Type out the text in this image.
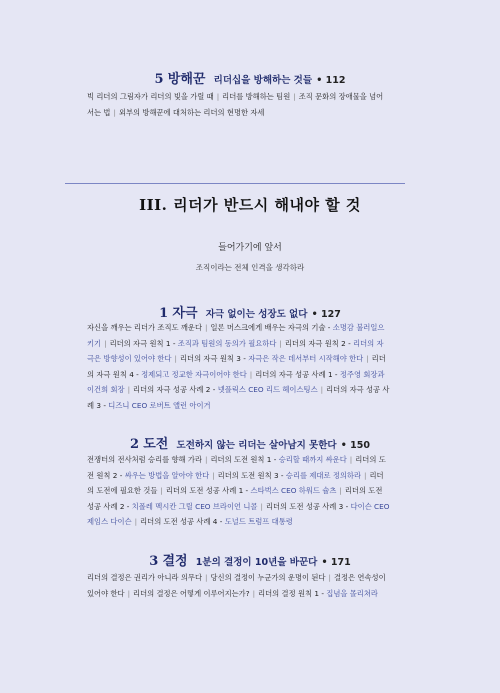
5 방해꾼 리더십을 방해하는 것들 • 112
빅 리더의 그림자가 리더의 빛을 가릴 때 | 리더를 방해하는 팀원 | 조직 문화의 장애물을 넘어서는 법 | 외부의 방해꾼에 대처하는 리더의 현명한 자세
III. 리더가 반드시 해내야 할 것
들어가기에 앞서
조직이라는 전체 인격을 생각하라
1 자극 자극 없이는 성장도 없다 • 127
자신을 깨우는 리더가 조직도 깨운다 | 일론 머스크에게 배우는 자극의 기술 - 소명감 불러일으키기 | 리더의 자극 원칙 1 - 조직과 팀원의 동의가 필요하다 | 리더의 자극 원칙 2 - 리더의 자극은 방향성이 있어야 한다 | 리더의 자극 원칙 3 - 자극은 작은 데서부터 시작해야 한다 | 리더의 자극 원칙 4 - 정제되고 정교한 자극이어야 한다 | 리더의 자극 성공 사례 1 - 정주영 회장과 이건희 회장 | 리더의 자극 성공 사례 2 - 넷플릭스 CEO 리드 헤이스팅스 | 리더의 자극 성공 사례 3 - 디즈니 CEO 로버트 앨런 아이거
2 도전 도전하지 않는 리더는 살아남지 못한다 • 150
전쟁터의 전사처럼 승리를 향해 가라 | 리더의 도전 원칙 1 - 승리할 때까지 싸운다 | 리더의 도전 원칙 2 - 싸우는 방법을 알아야 한다 | 리더의 도전 원칙 3 - 승리를 제대로 정의하라 | 리더의 도전에 필요한 것들 | 리더의 도전 성공 사례 1 - 스타벅스 CEO 하워드 슐츠 | 리더의 도전 성공 사례 2 - 치폴레 멕시칸 그릴 CEO 브라이언 니콜 | 리더의 도전 성공 사례 3 - 다이슨 CEO 제임스 다이슨 | 리더의 도전 성공 사례 4 - 도널드 트럼프 대통령
3 결정 1분의 결정이 10년을 바꾼다 • 171
리더의 결정은 권리가 아니라 의무다 | 당신의 결정이 누군가의 운명이 된다 | 결정은 연속성이 있어야 한다 | 리더의 결정은 어떻게 이루어지는가? | 리더의 결정 원칙 1 - 집념을 몰리쳐라
